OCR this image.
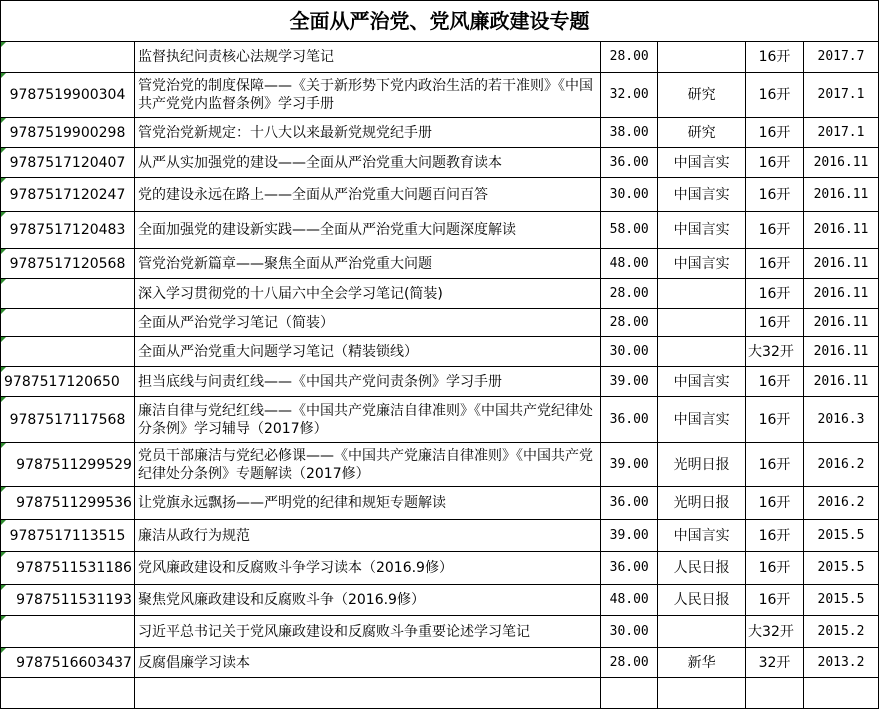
全面从严治党、党风廉政建设专题					

	监督执纪问责核心法规学习笔记	28.00		16开	2017.7

9787519900304	管党治党的制度保障——《关于新形势下党内政治生活的若干准则》《中国共产党党内监督条例》学习手册	32.00	研究	16开	2017.1

9787519900298	管党治党新规定：十八大以来最新党规党纪手册	38.00	研究	16开	2017.1

9787517120407	从严从实加强党的建设——全面从严治党重大问题教育读本	36.00	中国言实	16开	2016.11

9787517120247	党的建设永远在路上——全面从严治党重大问题百问百答	30.00	中国言实	16开	2016.11

9787517120483	全面加强党的建设新实践——全面从严治党重大问题深度解读	58.00	中国言实	16开	2016.11

9787517120568	管党治党新篇章——聚焦全面从严治党重大问题	48.00	中国言实	16开	2016.11

	深入学习贯彻党的十八届六中全会学习笔记(简装)	28.00		16开	2016.11

	全面从严治党学习笔记（简装）	28.00		16开	2016.11

	全面从严治党重大问题学习笔记（精装锁线）	30.00		大32开	2016.11

9787517120650	担当底线与问责红线——《中国共产党问责条例》学习手册	39.00	中国言实	16开	2016.11

9787517117568	廉洁自律与党纪红线——《中国共产党廉洁自律准则》《中国共产党纪律处分条例》学习辅导（2017修）	36.00	中国言实	16开	2016.3

9787511299529	党员干部廉洁与党纪必修课——《中国共产党廉洁自律准则》《中国共产党纪律处分条例》专题解读（2017修）	39.00	光明日报	16开	2016.2

9787511299536	让党旗永远飘扬——严明党的纪律和规矩专题解读	36.00	光明日报	16开	2016.2

9787517113515	廉洁从政行为规范	39.00	中国言实	16开	2015.5

9787511531186	党风廉政建设和反腐败斗争学习读本（2016.9修）	36.00	人民日报	16开	2015.5

9787511531193	聚焦党风廉政建设和反腐败斗争（2016.9修）	48.00	人民日报	16开	2015.5

	习近平总书记关于党风廉政建设和反腐败斗争重要论述学习笔记	30.00		大32开	2015.2

9787516603437	反腐倡廉学习读本	28.00	新华	32开	2013.2
